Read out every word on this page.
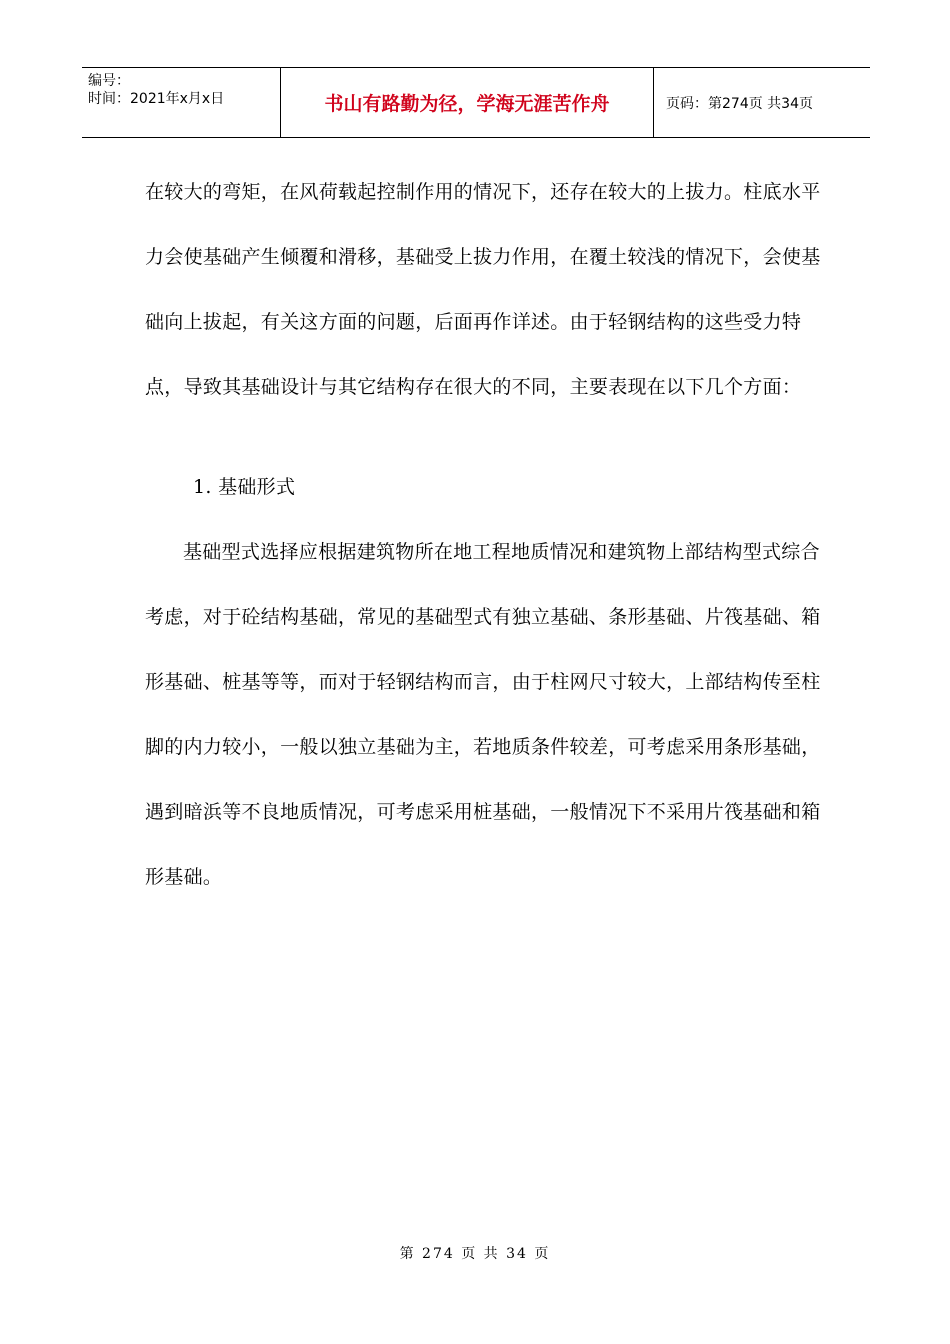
编号：
时间：2021年x月x日	书山有路勤为径，学海无涯苦作舟	页码：第274页 共34页

在较大的弯矩，在风荷载起控制作用的情况下，还存在较大的上拔力。柱底水平力会使基础产生倾覆和滑移，基础受上拔力作用，在覆土较浅的情况下，会使基础向上拔起，有关这方面的问题，后面再作详述。由于轻钢结构的这些受力特点，导致其基础设计与其它结构存在很大的不同，主要表现在以下几个方面：

1. 基础形式

基础型式选择应根据建筑物所在地工程地质情况和建筑物上部结构型式综合考虑，对于砼结构基础，常见的基础型式有独立基础、条形基础、片筏基础、箱形基础、桩基等等，而对于轻钢结构而言，由于柱网尺寸较大，上部结构传至柱脚的内力较小，一般以独立基础为主，若地质条件较差，可考虑采用条形基础，遇到暗浜等不良地质情况，可考虑采用桩基础，一般情况下不采用片筏基础和箱形基础。

第 274 页 共 34 页
